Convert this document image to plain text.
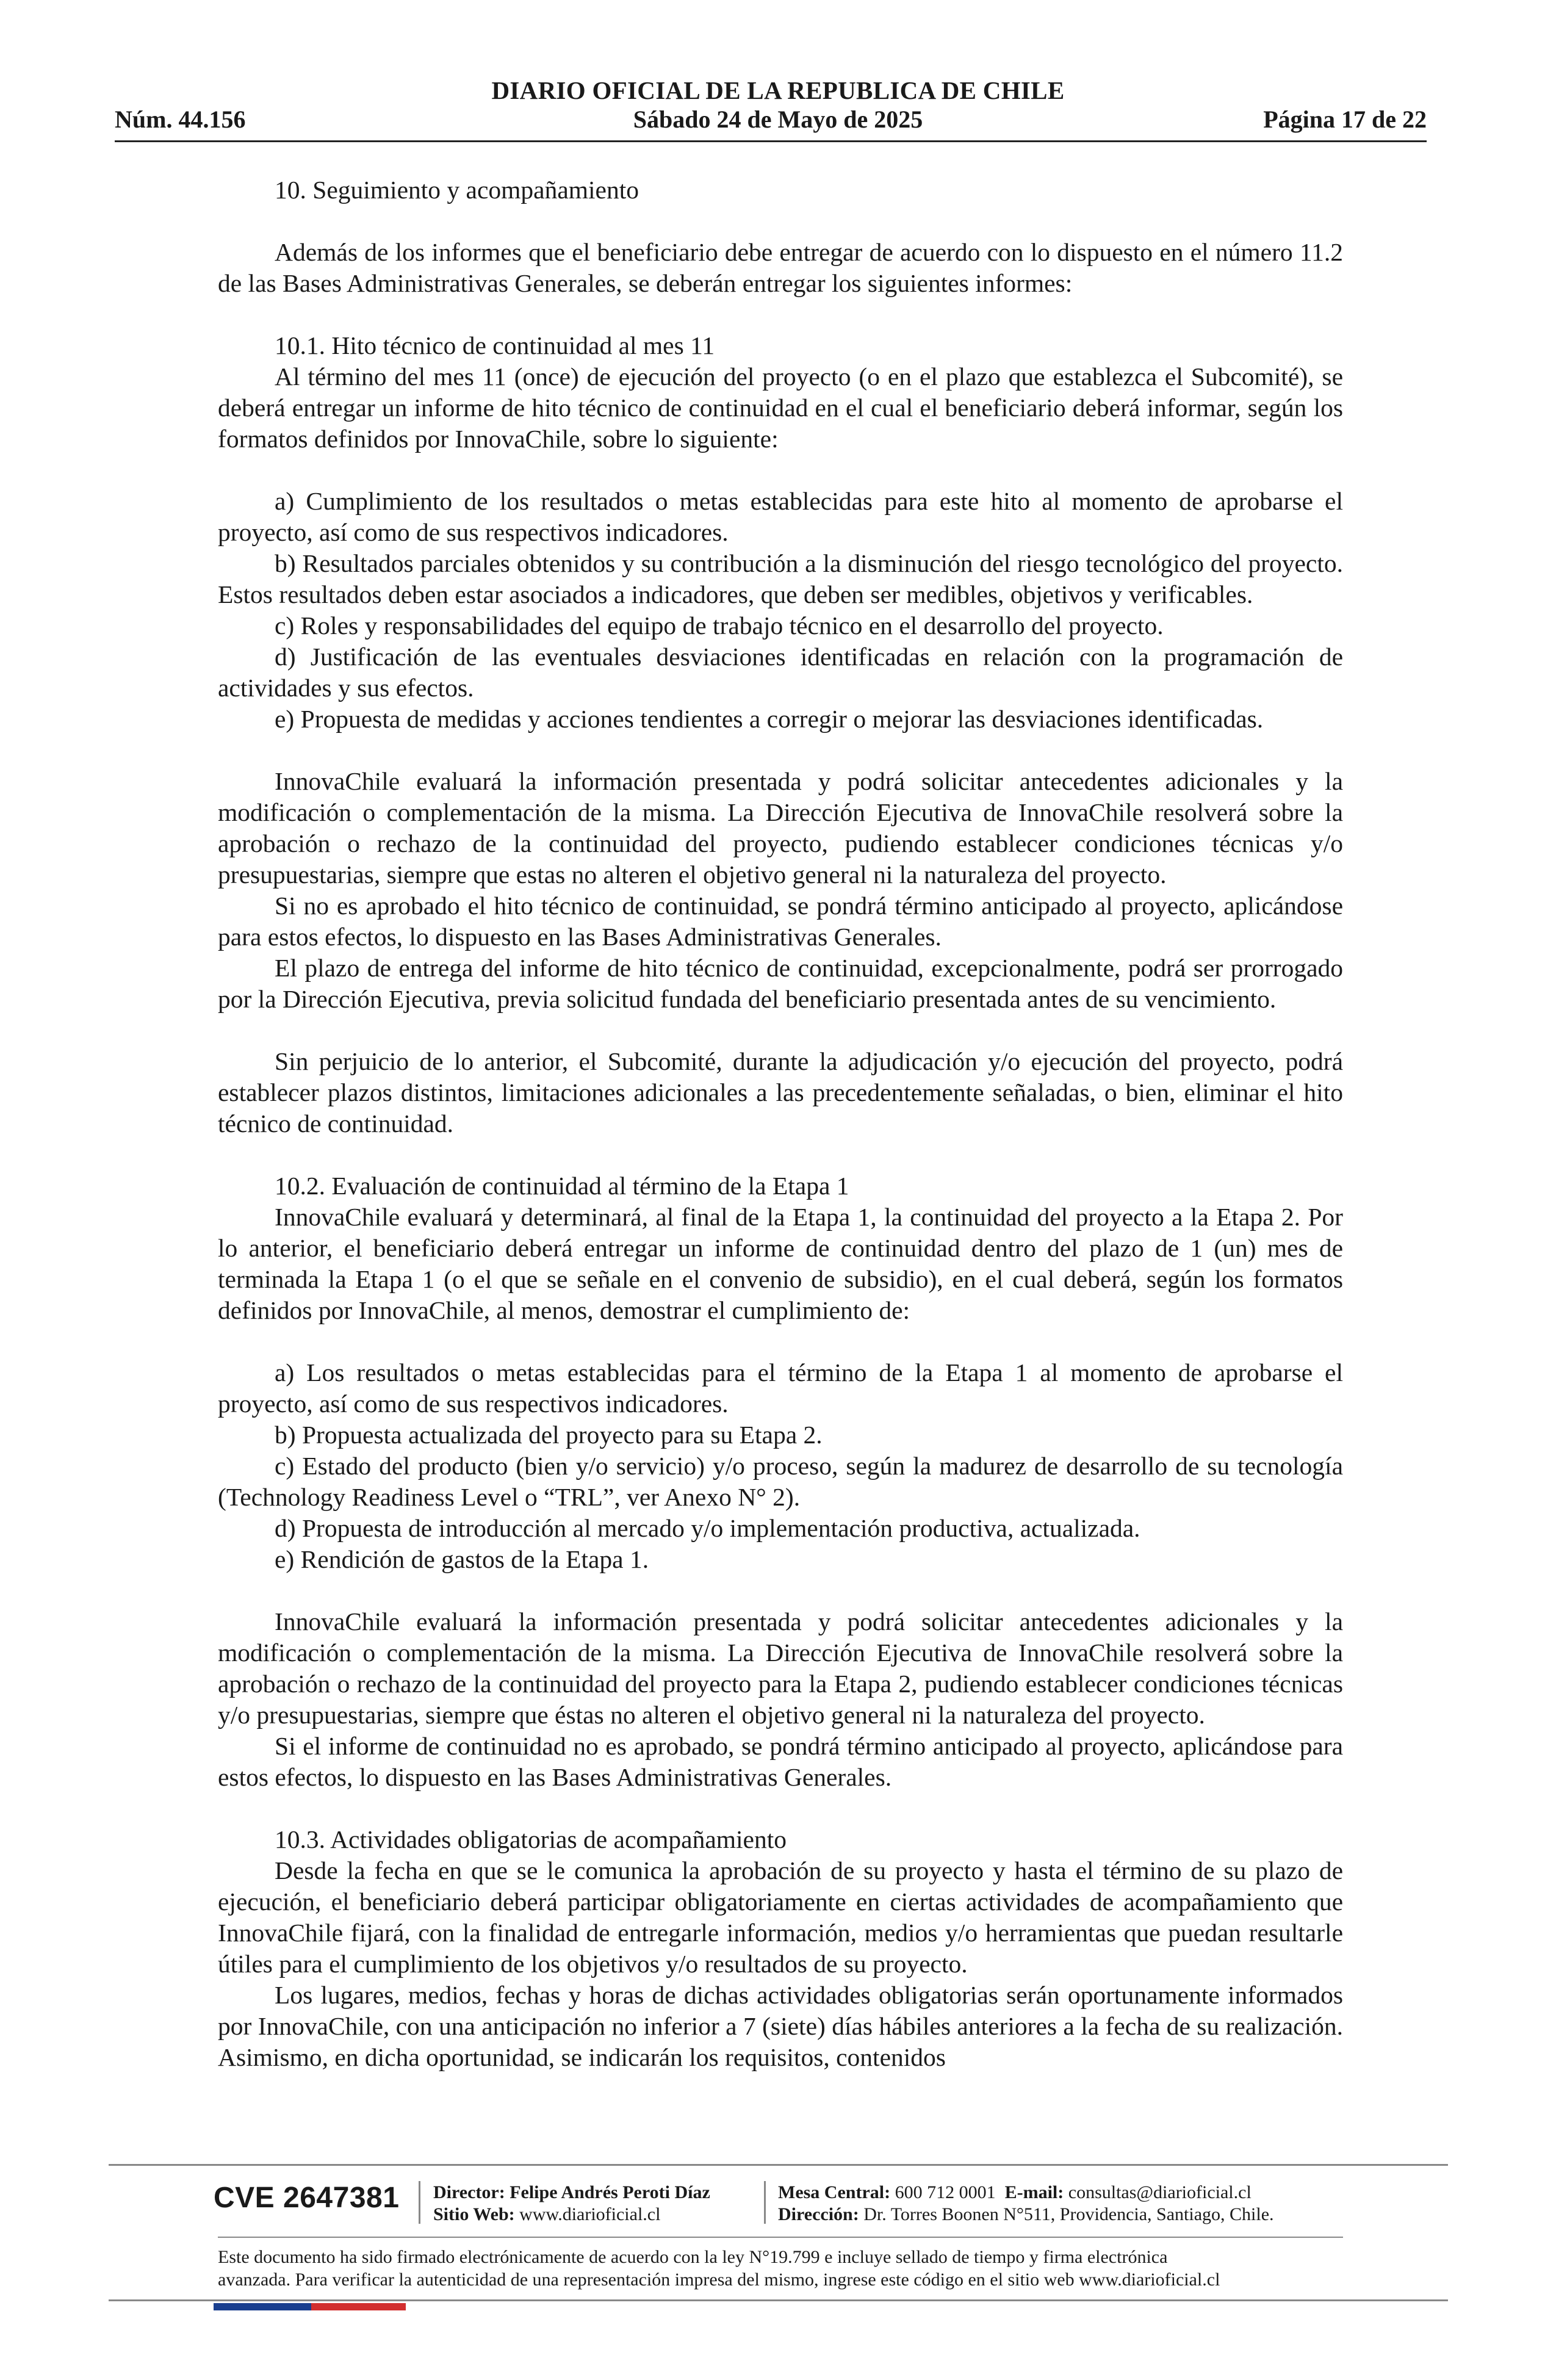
DIARIO OFICIAL DE LA REPUBLICA DE CHILE
Núm. 44.156	Sábado 24 de Mayo de 2025	Página 17 de 22

10. Seguimiento y acompañamiento

Además de los informes que el beneficiario debe entregar de acuerdo con lo dispuesto en el número 11.2 de las Bases Administrativas Generales, se deberán entregar los siguientes informes:

10.1. Hito técnico de continuidad al mes 11

Al término del mes 11 (once) de ejecución del proyecto (o en el plazo que establezca el Subcomité), se deberá entregar un informe de hito técnico de continuidad en el cual el beneficiario deberá informar, según los formatos definidos por InnovaChile, sobre lo siguiente:

a) Cumplimiento de los resultados o metas establecidas para este hito al momento de aprobarse el proyecto, así como de sus respectivos indicadores.

b) Resultados parciales obtenidos y su contribución a la disminución del riesgo tecnológico del proyecto. Estos resultados deben estar asociados a indicadores, que deben ser medibles, objetivos y verificables.

c) Roles y responsabilidades del equipo de trabajo técnico en el desarrollo del proyecto.

d) Justificación de las eventuales desviaciones identificadas en relación con la programación de actividades y sus efectos.

e) Propuesta de medidas y acciones tendientes a corregir o mejorar las desviaciones identificadas.

InnovaChile evaluará la información presentada y podrá solicitar antecedentes adicionales y la modificación o complementación de la misma. La Dirección Ejecutiva de InnovaChile resolverá sobre la aprobación o rechazo de la continuidad del proyecto, pudiendo establecer condiciones técnicas y/o presupuestarias, siempre que estas no alteren el objetivo general ni la naturaleza del proyecto.

Si no es aprobado el hito técnico de continuidad, se pondrá término anticipado al proyecto, aplicándose para estos efectos, lo dispuesto en las Bases Administrativas Generales.

El plazo de entrega del informe de hito técnico de continuidad, excepcionalmente, podrá ser prorrogado por la Dirección Ejecutiva, previa solicitud fundada del beneficiario presentada antes de su vencimiento.

Sin perjuicio de lo anterior, el Subcomité, durante la adjudicación y/o ejecución del proyecto, podrá establecer plazos distintos, limitaciones adicionales a las precedentemente señaladas, o bien, eliminar el hito técnico de continuidad.

10.2. Evaluación de continuidad al término de la Etapa 1

InnovaChile evaluará y determinará, al final de la Etapa 1, la continuidad del proyecto a la Etapa 2. Por lo anterior, el beneficiario deberá entregar un informe de continuidad dentro del plazo de 1 (un) mes de terminada la Etapa 1 (o el que se señale en el convenio de subsidio), en el cual deberá, según los formatos definidos por InnovaChile, al menos, demostrar el cumplimiento de:

a) Los resultados o metas establecidas para el término de la Etapa 1 al momento de aprobarse el proyecto, así como de sus respectivos indicadores.

b) Propuesta actualizada del proyecto para su Etapa 2.

c) Estado del producto (bien y/o servicio) y/o proceso, según la madurez de desarrollo de su tecnología (Technology Readiness Level o “TRL”, ver Anexo N° 2).

d) Propuesta de introducción al mercado y/o implementación productiva, actualizada.

e) Rendición de gastos de la Etapa 1.

InnovaChile evaluará la información presentada y podrá solicitar antecedentes adicionales y la modificación o complementación de la misma. La Dirección Ejecutiva de InnovaChile resolverá sobre la aprobación o rechazo de la continuidad del proyecto para la Etapa 2, pudiendo establecer condiciones técnicas y/o presupuestarias, siempre que éstas no alteren el objetivo general ni la naturaleza del proyecto.

Si el informe de continuidad no es aprobado, se pondrá término anticipado al proyecto, aplicándose para estos efectos, lo dispuesto en las Bases Administrativas Generales.

10.3. Actividades obligatorias de acompañamiento

Desde la fecha en que se le comunica la aprobación de su proyecto y hasta el término de su plazo de ejecución, el beneficiario deberá participar obligatoriamente en ciertas actividades de acompañamiento que InnovaChile fijará, con la finalidad de entregarle información, medios y/o herramientas que puedan resultarle útiles para el cumplimiento de los objetivos y/o resultados de su proyecto.

Los lugares, medios, fechas y horas de dichas actividades obligatorias serán oportunamente informados por InnovaChile, con una anticipación no inferior a 7 (siete) días hábiles anteriores a la fecha de su realización. Asimismo, en dicha oportunidad, se indicarán los requisitos, contenidos

CVE 2647381 Director: Felipe Andrés Peroti Díaz
Sitio Web: www.diarioficial.cl
Mesa Central: 600 712 0001 E-mail: consultas@diarioficial.cl
Dirección: Dr. Torres Boonen N°511, Providencia, Santiago, Chile.
Este documento ha sido firmado electrónicamente de acuerdo con la ley N°19.799 e incluye sellado de tiempo y firma electrónica
avanzada. Para verificar la autenticidad de una representación impresa del mismo, ingrese este código en el sitio web www.diarioficial.cl
